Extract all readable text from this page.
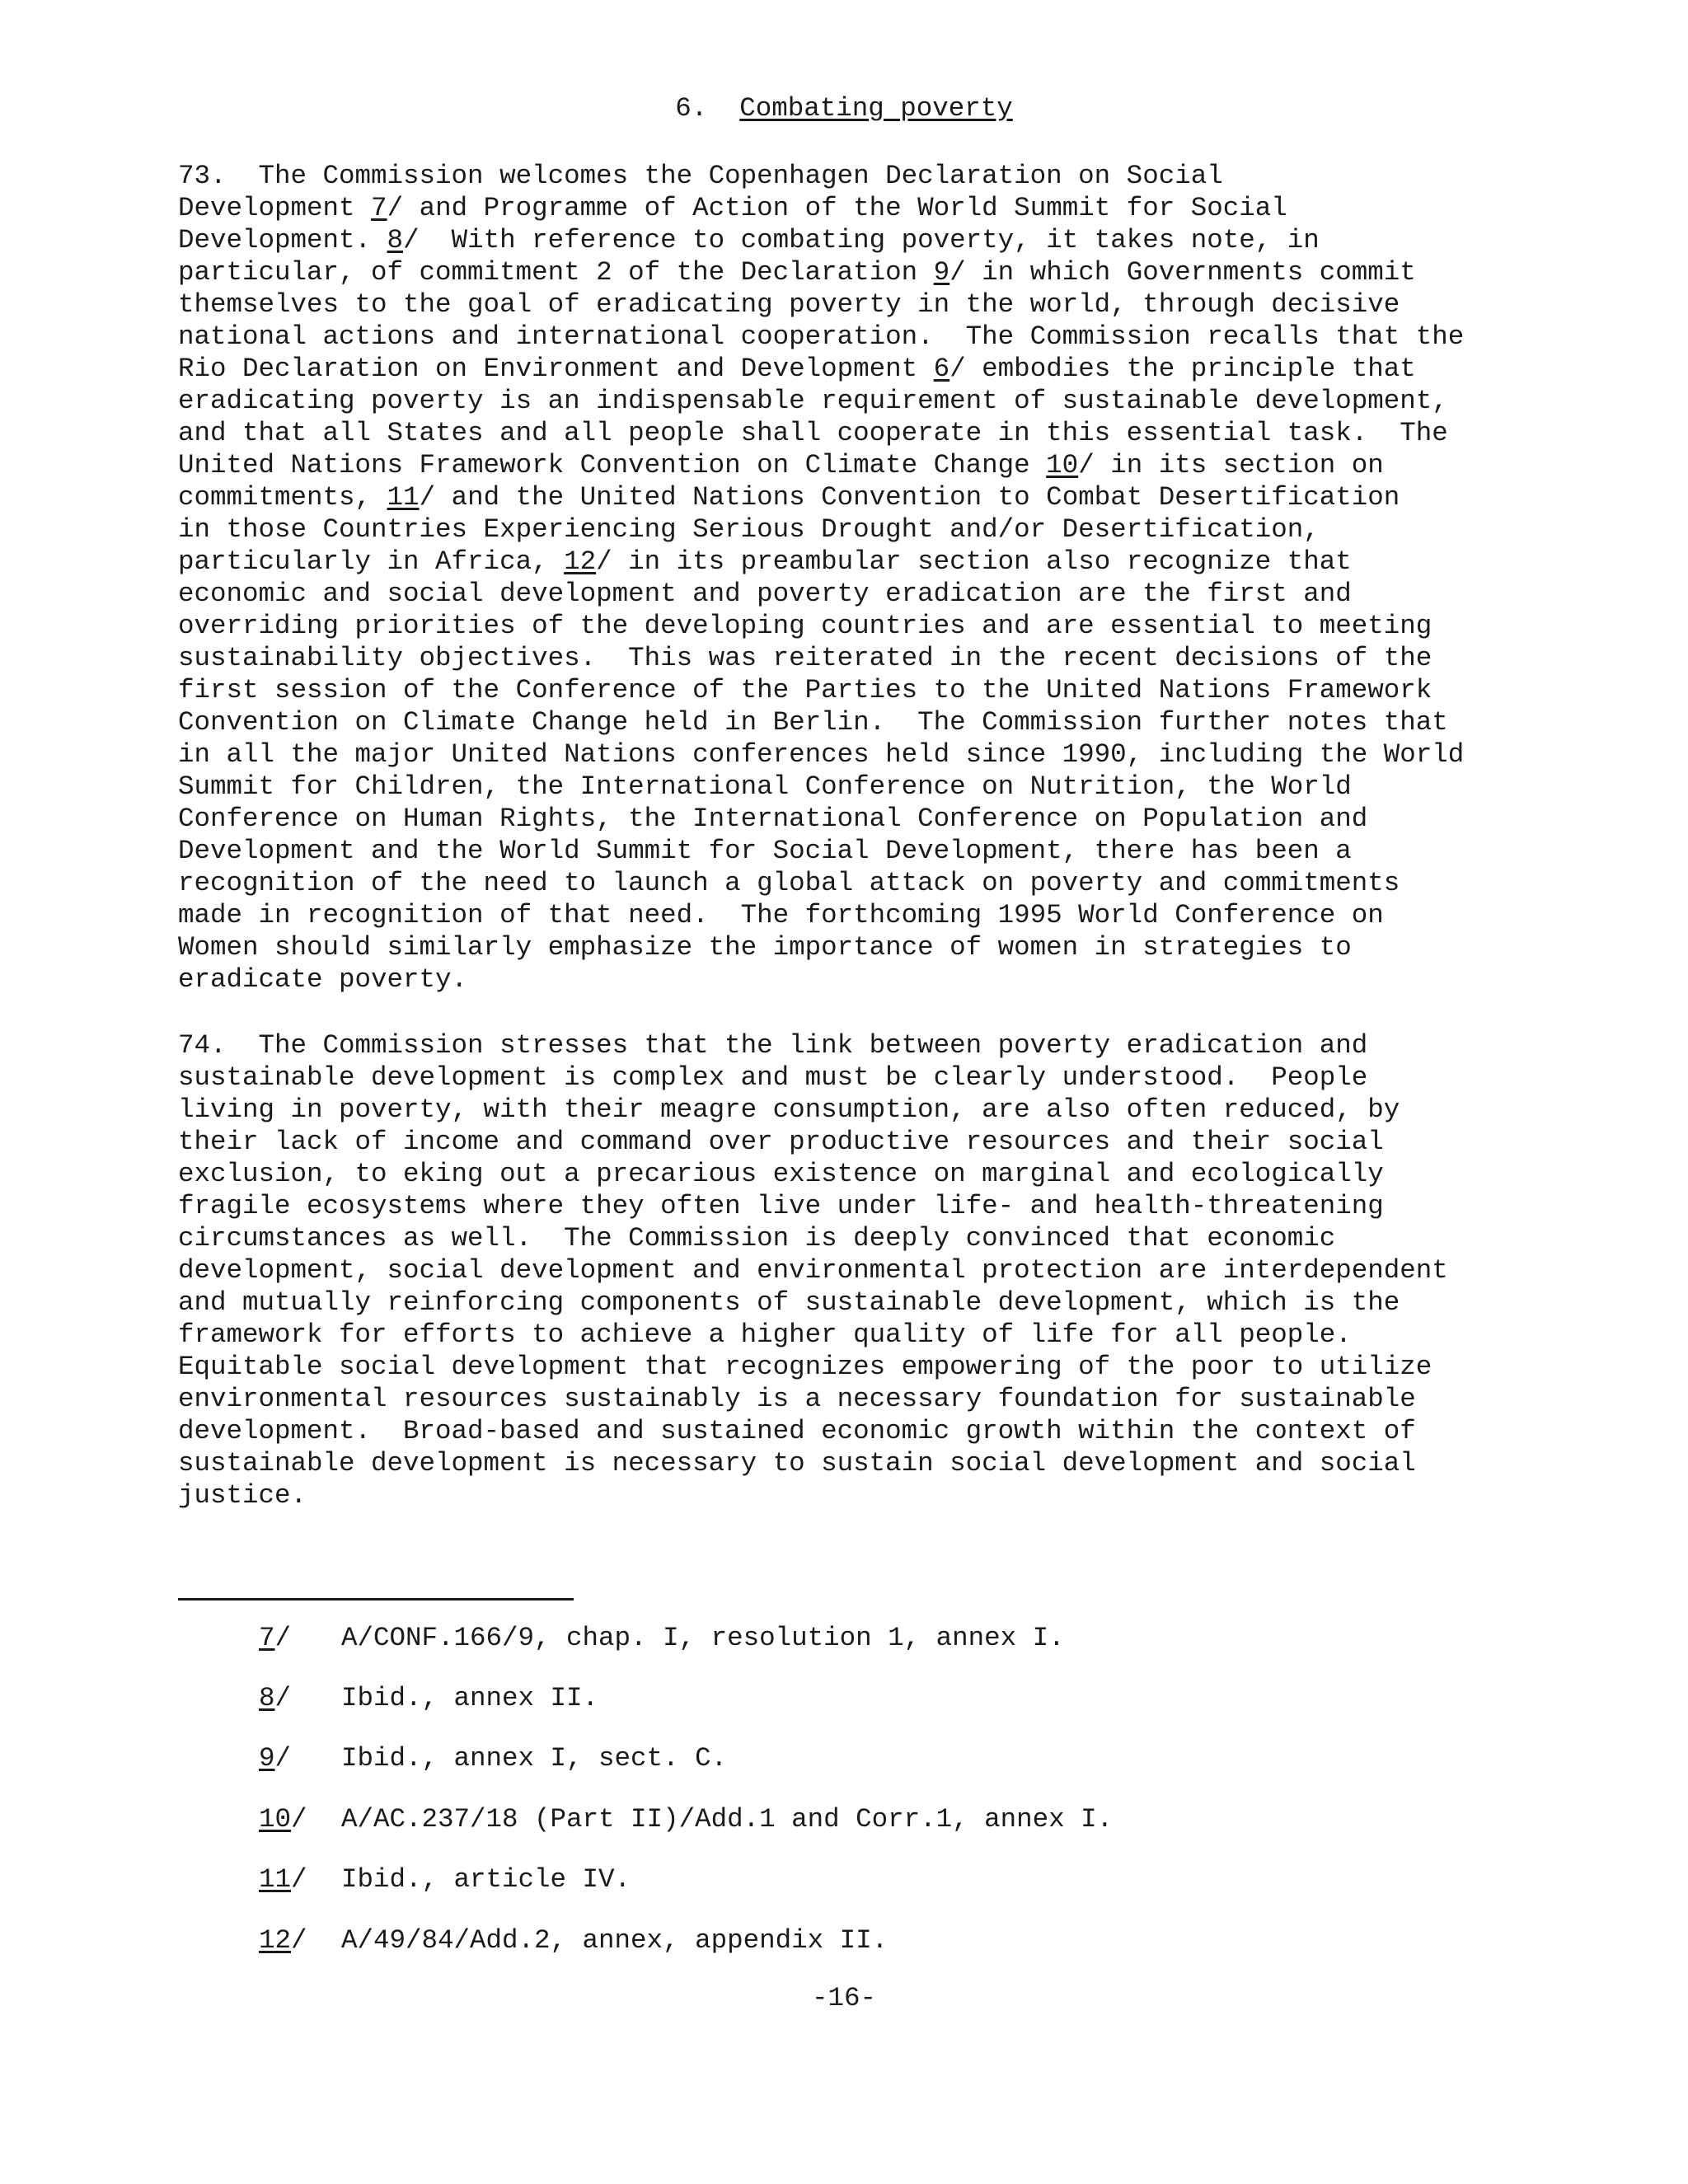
6. Combating poverty
73.  The Commission welcomes the Copenhagen Declaration on Social
Development 7/ and Programme of Action of the World Summit for Social
Development. 8/  With reference to combating poverty, it takes note, in
particular, of commitment 2 of the Declaration 9/ in which Governments commit
themselves to the goal of eradicating poverty in the world, through decisive
national actions and international cooperation.  The Commission recalls that the
Rio Declaration on Environment and Development 6/ embodies the principle that
eradicating poverty is an indispensable requirement of sustainable development,
and that all States and all people shall cooperate in this essential task.  The
United Nations Framework Convention on Climate Change 10/ in its section on
commitments, 11/ and the United Nations Convention to Combat Desertification
in those Countries Experiencing Serious Drought and/or Desertification,
particularly in Africa, 12/ in its preambular section also recognize that
economic and social development and poverty eradication are the first and
overriding priorities of the developing countries and are essential to meeting
sustainability objectives.  This was reiterated in the recent decisions of the
first session of the Conference of the Parties to the United Nations Framework
Convention on Climate Change held in Berlin.  The Commission further notes that
in all the major United Nations conferences held since 1990, including the World
Summit for Children, the International Conference on Nutrition, the World
Conference on Human Rights, the International Conference on Population and
Development and the World Summit for Social Development, there has been a
recognition of the need to launch a global attack on poverty and commitments
made in recognition of that need.  The forthcoming 1995 World Conference on
Women should similarly emphasize the importance of women in strategies to
eradicate poverty.
74.  The Commission stresses that the link between poverty eradication and
sustainable development is complex and must be clearly understood.  People
living in poverty, with their meagre consumption, are also often reduced, by
their lack of income and command over productive resources and their social
exclusion, to eking out a precarious existence on marginal and ecologically
fragile ecosystems where they often live under life- and health-threatening
circumstances as well.  The Commission is deeply convinced that economic
development, social development and environmental protection are interdependent
and mutually reinforcing components of sustainable development, which is the
framework for efforts to achieve a higher quality of life for all people.
Equitable social development that recognizes empowering of the poor to utilize
environmental resources sustainably is a necessary foundation for sustainable
development.  Broad-based and sustained economic growth within the context of
sustainable development is necessary to sustain social development and social
justice.
7/ A/CONF.166/9, chap. I, resolution 1, annex I.
8/ Ibid., annex II.
9/ Ibid., annex I, sect. C.
10/ A/AC.237/18 (Part II)/Add.1 and Corr.1, annex I.
11/ Ibid., article IV.
12/ A/49/84/Add.2, annex, appendix II.
-16-
